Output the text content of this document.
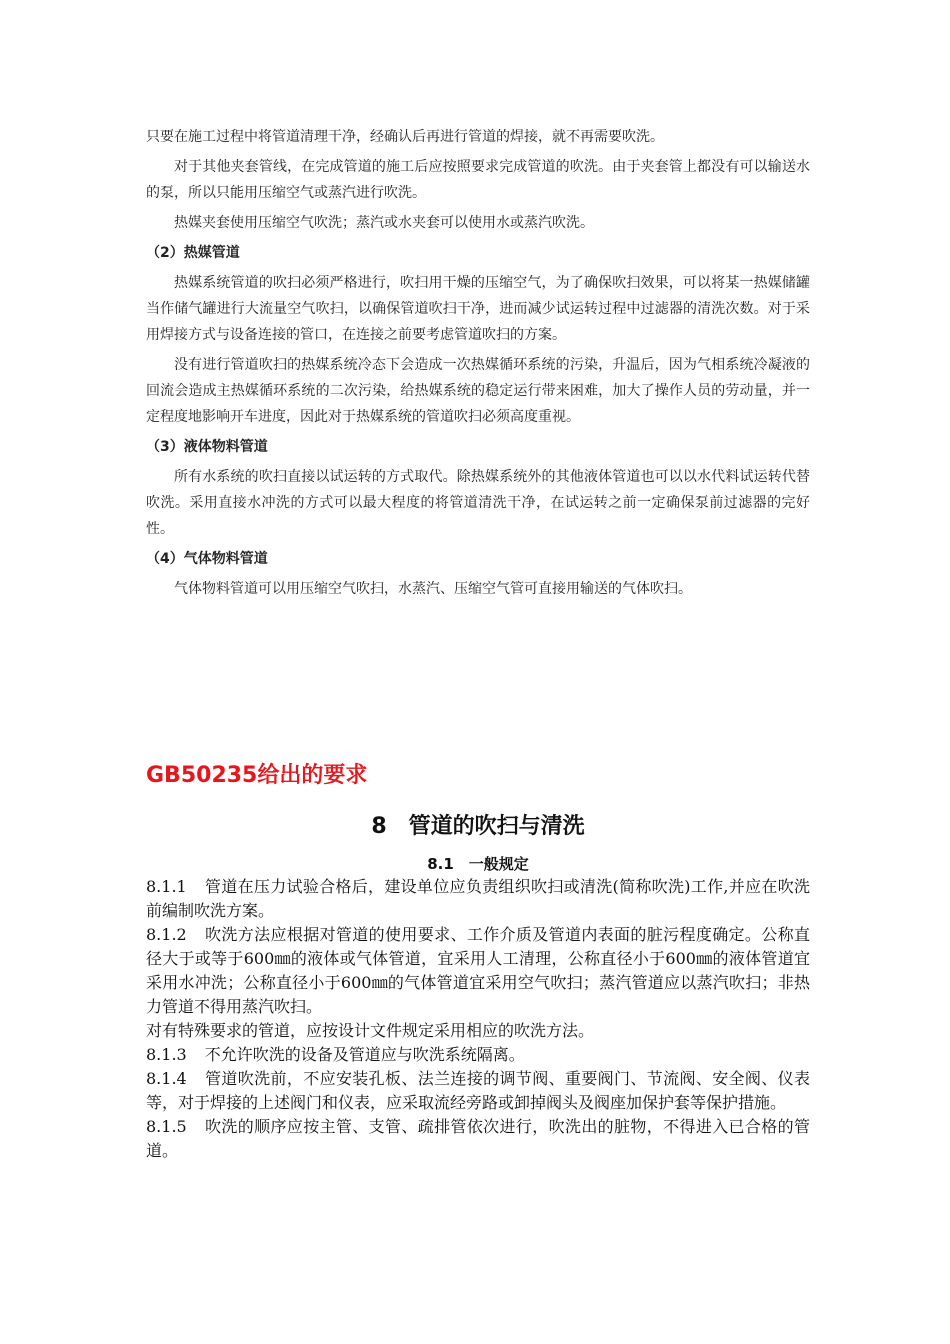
只要在施工过程中将管道清理干净，经确认后再进行管道的焊接，就不再需要吹洗。

对于其他夹套管线，在完成管道的施工后应按照要求完成管道的吹洗。由于夹套管上都没有可以输送水的泵，所以只能用压缩空气或蒸汽进行吹洗。

热媒夹套使用压缩空气吹洗；蒸汽或水夹套可以使用水或蒸汽吹洗。

（2）热媒管道

热媒系统管道的吹扫必须严格进行，吹扫用干燥的压缩空气，为了确保吹扫效果，可以将某一热媒储罐当作储气罐进行大流量空气吹扫，以确保管道吹扫干净，进而减少试运转过程中过滤器的清洗次数。对于采用焊接方式与设备连接的管口，在连接之前要考虑管道吹扫的方案。

没有进行管道吹扫的热媒系统冷态下会造成一次热媒循环系统的污染，升温后，因为气相系统冷凝液的回流会造成主热媒循环系统的二次污染，给热媒系统的稳定运行带来困难，加大了操作人员的劳动量，并一定程度地影响开车进度，因此对于热媒系统的管道吹扫必须高度重视。

（3）液体物料管道

所有水系统的吹扫直接以试运转的方式取代。除热媒系统外的其他液体管道也可以以水代料试运转代替吹洗。采用直接水冲洗的方式可以最大程度的将管道清洗干净，在试运转之前一定确保泵前过滤器的完好性。

（4）气体物料管道

气体物料管道可以用压缩空气吹扫，水蒸汽、压缩空气管可直接用输送的气体吹扫。

GB50235给出的要求
8　管道的吹扫与清洗
8.1　一般规定

8.1.1 管道在压力试验合格后，建设单位应负责组织吹扫或清洗(简称吹洗)工作,并应在吹洗前编制吹洗方案。

8.1.2 吹洗方法应根据对管道的使用要求、工作介质及管道内表面的脏污程度确定。公称直径大于或等于600㎜的液体或气体管道，宜采用人工清理，公称直径小于600㎜的液体管道宜采用水冲洗；公称直径小于600㎜的气体管道宜采用空气吹扫；蒸汽管道应以蒸汽吹扫；非热力管道不得用蒸汽吹扫。

对有特殊要求的管道，应按设计文件规定采用相应的吹洗方法。

8.1.3 不允许吹洗的设备及管道应与吹洗系统隔离。

8.1.4 管道吹洗前，不应安装孔板、法兰连接的调节阀、重要阀门、节流阀、安全阀、仪表等，对于焊接的上述阀门和仪表，应采取流经旁路或卸掉阀头及阀座加保护套等保护措施。

8.1.5 吹洗的顺序应按主管、支管、疏排管依次进行，吹洗出的脏物，不得进入已合格的管道。
